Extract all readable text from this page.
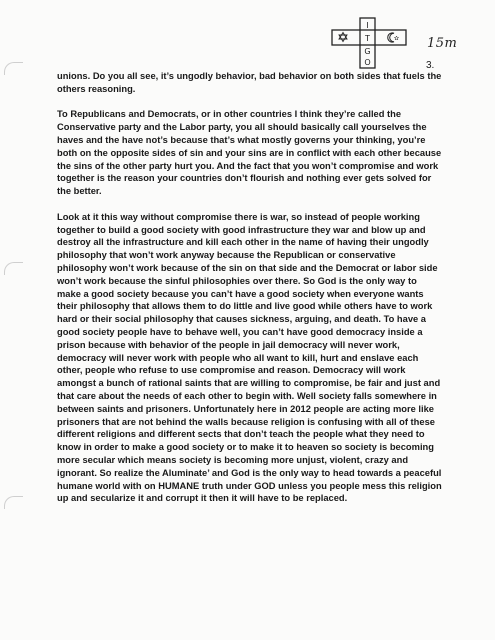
I
T
G
O
15m
3.

unions. Do you all see, it’s ungodly behavior, bad behavior on both sides that fuels the others reasoning.

To Republicans and Democrats, or in other countries I think they’re called the Conservative party and the Labor party, you all should basically call yourselves the haves and the have not’s because that’s what mostly governs your thinking, you’re both on the opposite sides of sin and your sins are in conflict with each other because the sins of the other party hurt you. And the fact that you won’t compromise and work together is the reason your countries don’t flourish and nothing ever gets solved for the better.

Look at it this way without compromise there is war, so instead of people working together to build a good society with good infrastructure they war and blow up and destroy all the infrastructure and kill each other in the name of having their ungodly philosophy that won’t work anyway because the Republican or conservative philosophy won’t work because of the sin on that side and the Democrat or labor side won’t work because the sinful philosophies over there. So God is the only way to make a good society because you can’t have a good society when everyone wants their philosophy that allows them to do little and live good while others have to work hard or their social philosophy that causes sickness, arguing, and death. To have a good society people have to behave well, you can’t have good democracy inside a prison because with behavior of the people in jail democracy will never work, democracy will never work with people who all want to kill, hurt and enslave each other, people who refuse to use compromise and reason. Democracy will work amongst a bunch of rational saints that are willing to compromise, be fair and just and that care about the needs of each other to begin with. Well society falls somewhere in between saints and prisoners. Unfortunately here in 2012 people are acting more like prisoners that are not behind the walls because religion is confusing with all of these different religions and different sects that don’t teach the people what they need to know in order to make a good society or to make it to heaven so society is becoming more secular which means society is becoming more unjust, violent, crazy and ignorant. So realize the Aluminate’ and God is the only way to head towards a peaceful humane world with on HUMANE truth under GOD unless you people mess this religion up and secularize it and corrupt it then it will have to be replaced.
